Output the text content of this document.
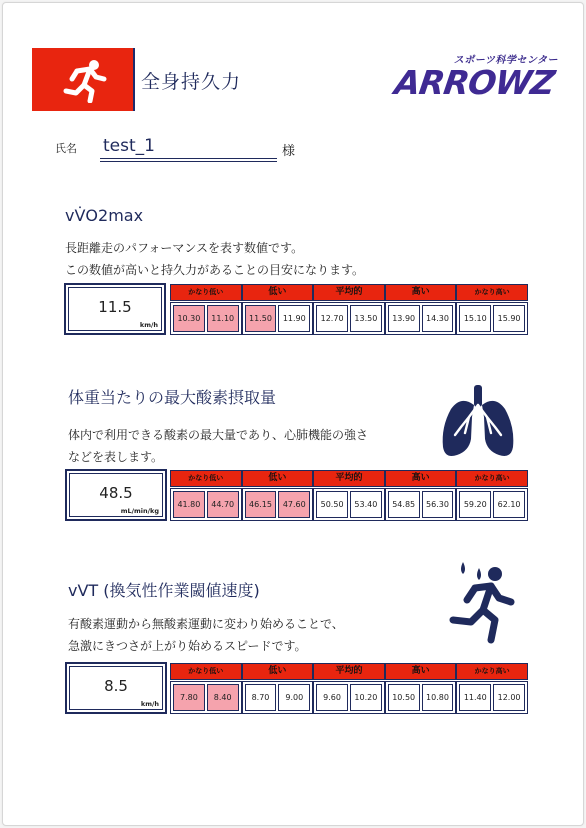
全身持久力
スポーツ科学センター
ARROWZ
氏名 test_1	様
vV̇O2max
長距離走のパフォーマンスを表す数値です。
この数値が高いと持久力があることの目安になります。
11.5
km/h
かなり低い	低い	平均的	高い	かなり高い
10.30	11.10	11.50	11.90	12.70	13.50	13.90	14.30	15.10	15.90
体重当たりの最大酸素摂取量
体内で利用できる酸素の最大量であり、心肺機能の強さ
などを表します。
48.5
mL/min/kg
かなり低い	低い	平均的	高い	かなり高い
41.80	44.70	46.15	47.60	50.50	53.40	54.85	56.30	59.20	62.10
vVT (換気性作業閾値速度)
有酸素運動から無酸素運動に変わり始めることで、
急激にきつさが上がり始めるスピードです。
8.5
km/h
かなり低い	低い	平均的	高い	かなり高い
7.80	8.40	8.70	9.00	9.60	10.20	10.50	10.80	11.40	12.00
